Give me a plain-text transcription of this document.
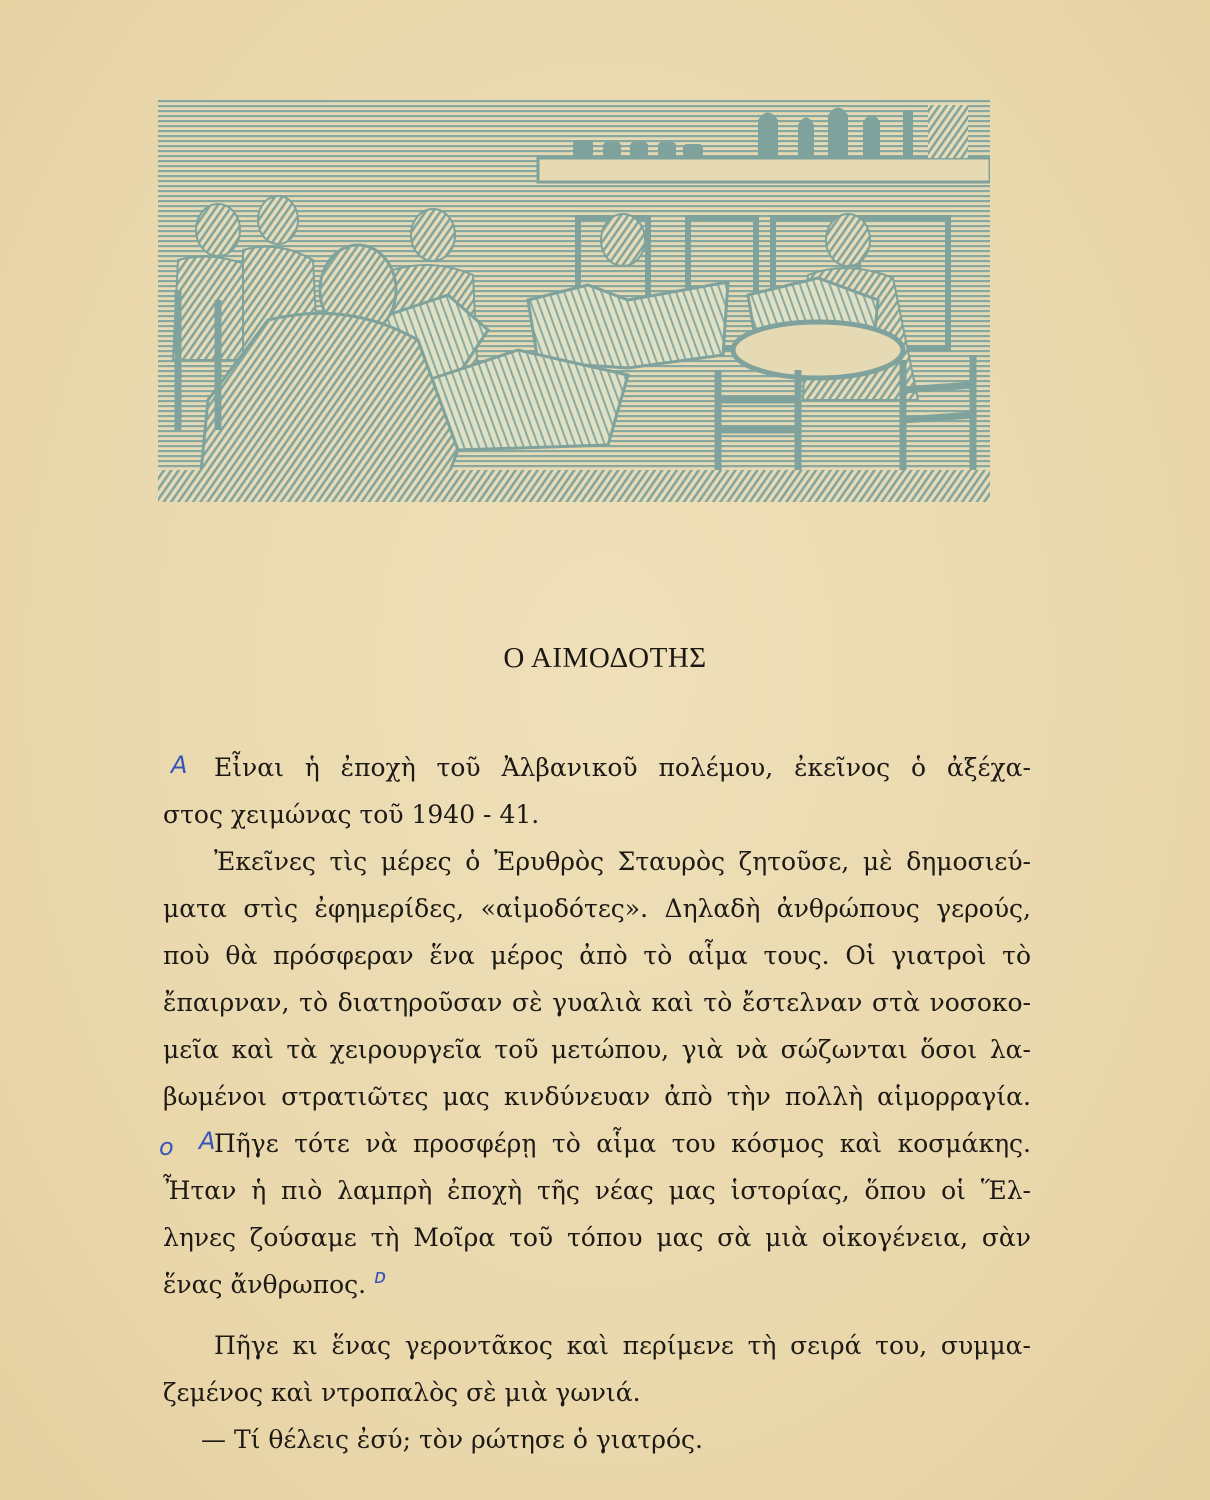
Ο ΑΙΜΟΔΟΤΗΣ
A Εἶναι ἡ ἐποχὴ τοῦ Ἀλβανικοῦ πολέμου, ἐκεῖνος ὁ ἀξέχα-
στος χειμώνας τοῦ 1940 - 41.
Ἐκεῖνες τὶς μέρες ὁ Ἐρυθρὸς Σταυρὸς ζητοῦσε, μὲ δημοσιεύ-
ματα στὶς ἐφημερίδες, «αἱμοδότες». Δηλαδὴ ἀνθρώπους γερούς,
ποὺ θὰ πρόσφεραν ἕνα μέρος ἀπὸ τὸ αἷμα τους. Οἱ γιατροὶ τὸ
ἔπαιρναν, τὸ διατηροῦσαν σὲ γυαλιὰ καὶ τὸ ἔστελναν στὰ νοσοκο-
μεῖα καὶ τὰ χειρουργεῖα τοῦ μετώπου, γιὰ νὰ σώζωνται ὅσοι λα-
βωμένοι στρατιῶτες μας κινδύνευαν ἀπὸ τὴν πολλὴ αἱμορραγία.
o A
Πῆγε τότε νὰ προσφέρῃ τὸ αἷμα του κόσμος καὶ κοσμάκης.
Ἦταν ἡ πιὸ λαμπρὴ ἐποχὴ τῆς νέας μας ἱστορίας, ὅπου οἱ Ἕλ-
ληνες ζούσαμε τὴ Μοῖρα τοῦ τόπου μας σὰ μιὰ οἰκογένεια, σὰν
ἕνας ἄνθρωπος. $^ᴅ$
Πῆγε κι ἕνας γεροντᾶκος καὶ περίμενε τὴ σειρά του, συμμα-
ζεμένος καὶ ντροπαλὸς σὲ μιὰ γωνιά.
— Τί θέλεις ἐσύ; τὸν ρώτησε ὁ γιατρός.
